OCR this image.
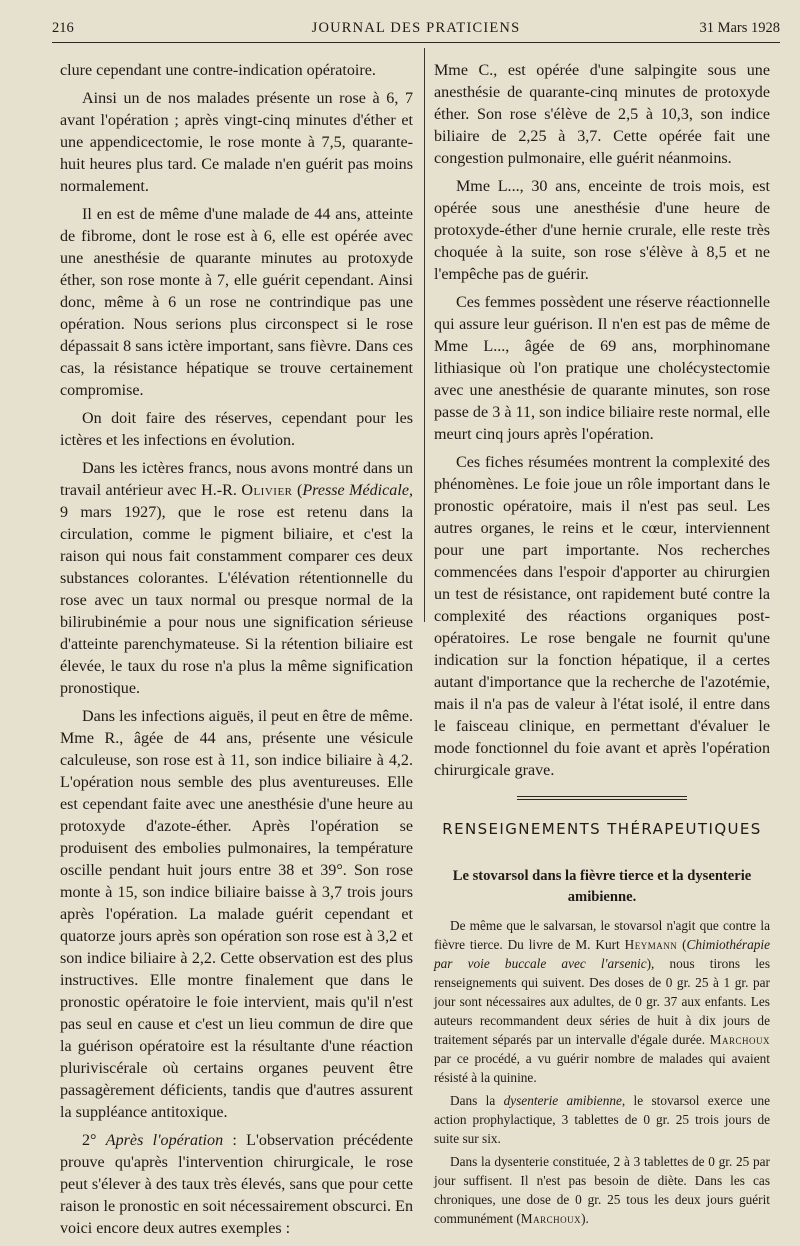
216	JOURNAL DES PRATICIENS	31 Mars 1928

clure cependant une contre-indication opératoire.

Ainsi un de nos malades présente un rose à 6, 7 avant l'opération ; après vingt-cinq minutes d'éther et une appendicectomie, le rose monte à 7,5, quarante-huit heures plus tard. Ce malade n'en guérit pas moins normalement.

Il en est de même d'une malade de 44 ans, atteinte de fibrome, dont le rose est à 6, elle est opérée avec une anesthésie de quarante minutes au protoxyde éther, son rose monte à 7, elle guérit cependant. Ainsi donc, même à 6 un rose ne contrindique pas une opération. Nous serions plus circonspect si le rose dépassait 8 sans ictère important, sans fièvre. Dans ces cas, la résistance hépatique se trouve certainement compromise.

On doit faire des réserves, cependant pour les ictères et les infections en évolution.

Dans les ictères francs, nous avons montré dans un travail antérieur avec H.-R. Olivier (Presse Médicale, 9 mars 1927), que le rose est retenu dans la circulation, comme le pigment biliaire, et c'est la raison qui nous fait constamment comparer ces deux substances colorantes. L'élévation rétentionnelle du rose avec un taux normal ou presque normal de la bilirubinémie a pour nous une signification sérieuse d'atteinte parenchymateuse. Si la rétention biliaire est élevée, le taux du rose n'a plus la même signification pronostique.

Dans les infections aiguës, il peut en être de même. Mme R., âgée de 44 ans, présente une vésicule calculeuse, son rose est à 11, son indice biliaire à 4,2. L'opération nous semble des plus aventureuses. Elle est cependant faite avec une anesthésie d'une heure au protoxyde d'azote-éther. Après l'opération se produisent des embolies pulmonaires, la température oscille pendant huit jours entre 38 et 39°. Son rose monte à 15, son indice biliaire baisse à 3,7 trois jours après l'opération. La malade guérit cependant et quatorze jours après son opération son rose est à 3,2 et son indice biliaire à 2,2. Cette observation est des plus instructives. Elle montre finalement que dans le pronostic opératoire le foie intervient, mais qu'il n'est pas seul en cause et c'est un lieu commun de dire que la guérison opératoire est la résultante d'une réaction pluriviscérale où certains organes peuvent être passagèrement déficients, tandis que d'autres assurent la suppléance antitoxique.

2° Après l'opération : L'observation précédente prouve qu'après l'intervention chirurgicale, le rose peut s'élever à des taux très élevés, sans que pour cette raison le pronostic en soit nécessairement obscurci. En voici encore deux autres exemples :

Mme C., est opérée d'une salpingite sous une anesthésie de quarante-cinq minutes de protoxyde éther. Son rose s'élève de 2,5 à 10,3, son indice biliaire de 2,25 à 3,7. Cette opérée fait une congestion pulmonaire, elle guérit néanmoins.

Mme L..., 30 ans, enceinte de trois mois, est opérée sous une anesthésie d'une heure de protoxyde-éther d'une hernie crurale, elle reste très choquée à la suite, son rose s'élève à 8,5 et ne l'empêche pas de guérir.

Ces femmes possèdent une réserve réactionnelle qui assure leur guérison. Il n'en est pas de même de Mme L..., âgée de 69 ans, morphinomane lithiasique où l'on pratique une cholécystectomie avec une anesthésie de quarante minutes, son rose passe de 3 à 11, son indice biliaire reste normal, elle meurt cinq jours après l'opération.

Ces fiches résumées montrent la complexité des phénomènes. Le foie joue un rôle important dans le pronostic opératoire, mais il n'est pas seul. Les autres organes, le reins et le cœur, interviennent pour une part importante. Nos recherches commencées dans l'espoir d'apporter au chirurgien un test de résistance, ont rapidement buté contre la complexité des réactions organiques post-opératoires. Le rose bengale ne fournit qu'une indication sur la fonction hépatique, il a certes autant d'importance que la recherche de l'azotémie, mais il n'a pas de valeur à l'état isolé, il entre dans le faisceau clinique, en permettant d'évaluer le mode fonctionnel du foie avant et après l'opération chirurgicale grave.

RENSEIGNEMENTS THÉRAPEUTIQUES
Le stovarsol dans la fièvre tierce et la dysenterie amibienne.

De même que le salvarsan, le stovarsol n'agit que contre la fièvre tierce. Du livre de M. Kurt Heymann (Chimiothérapie par voie buccale avec l'arsenic), nous tirons les renseignements qui suivent. Des doses de 0 gr. 25 à 1 gr. par jour sont nécessaires aux adultes, de 0 gr. 37 aux enfants. Les auteurs recommandent deux séries de huit à dix jours de traitement séparés par un intervalle d'égale durée. Marchoux par ce procédé, a vu guérir nombre de malades qui avaient résisté à la quinine.

Dans la dysenterie amibienne, le stovarsol exerce une action prophylactique, 3 tablettes de 0 gr. 25 trois jours de suite sur six.

Dans la dysenterie constituée, 2 à 3 tablettes de 0 gr. 25 par jour suffisent. Il n'est pas besoin de diète. Dans les cas chroniques, une dose de 0 gr. 25 tous les deux jours guérit communément (Marchoux).
